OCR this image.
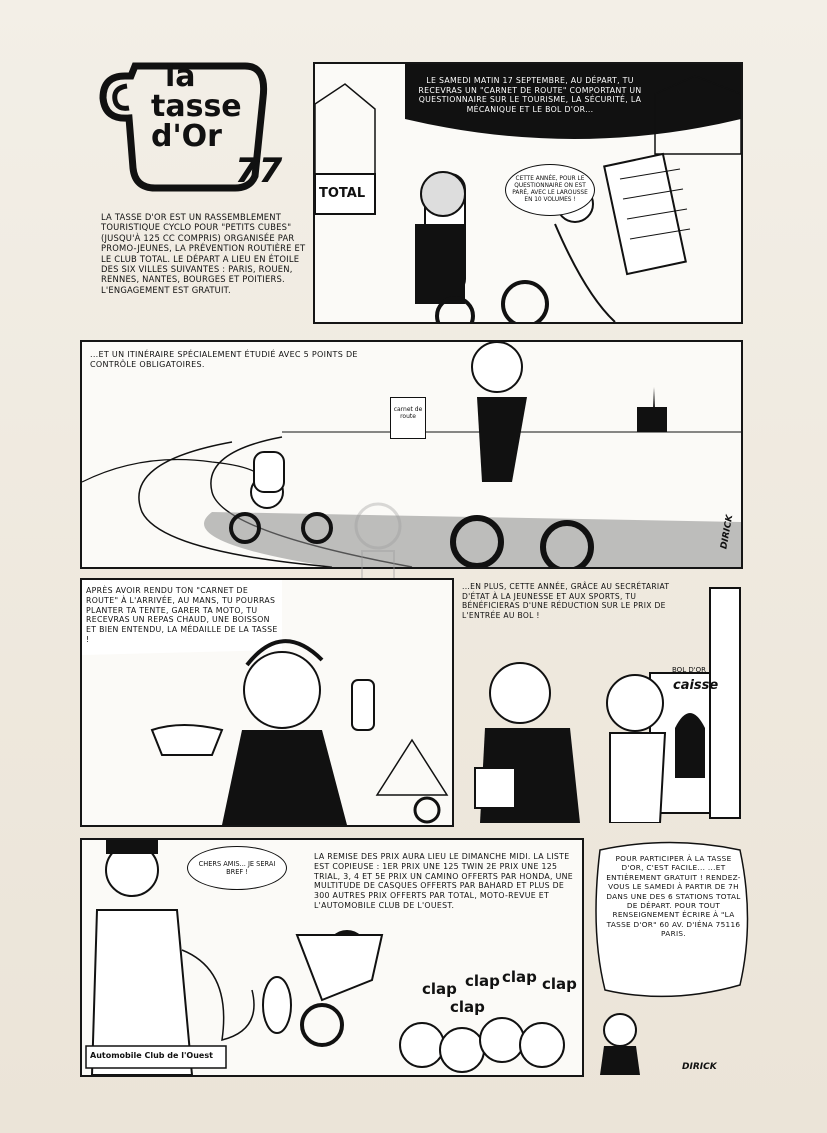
la
tasse
d'Or
77
LA TASSE D'OR EST UN RASSEMBLEMENT TOURISTIQUE CYCLO POUR "PETITS CUBES" (JUSQU'À 125 CC COMPRIS) ORGANISÉE PAR PROMO-JEUNES, LA PRÉVENTION ROUTIÈRE ET LE CLUB TOTAL. LE DÉPART A LIEU EN ÉTOILE DES SIX VILLES SUIVANTES : PARIS, ROUEN, RENNES, NANTES, BOURGES ET POITIERS. L'ENGAGEMENT EST GRATUIT.
LE SAMEDI MATIN 17 SEPTEMBRE, AU DÉPART, TU RECEVRAS UN "CARNET DE ROUTE" COMPORTANT UN QUESTIONNAIRE SUR LE TOURISME, LA SÉCURITÉ, LA MÉCANIQUE ET LE BOL D'OR...
CETTE ANNÉE, POUR LE QUESTIONNAIRE ON EST PARÉ, AVEC LE LAROUSSE EN 10 VOLUMES !
TOTAL
...ET UN ITINÉRAIRE SPÉCIALEMENT ÉTUDIÉ AVEC 5 POINTS DE CONTRÔLE OBLIGATOIRES.
carnet de route
DIRICK
APRÈS AVOIR RENDU TON "CARNET DE ROUTE" À L'ARRIVÉE, AU MANS, TU POURRAS PLANTER TA TENTE, GARER TA MOTO, TU RECEVRAS UN REPAS CHAUD, UNE BOISSON ET BIEN ENTENDU, LA MÉDAILLE DE LA TASSE !
...EN PLUS, CETTE ANNÉE, GRÂCE AU SECRÉTARIAT D'ÉTAT À LA JEUNESSE ET AUX SPORTS, TU BÉNÉFICIERAS D'UNE RÉDUCTION SUR LE PRIX DE L'ENTRÉE AU BOL !
BOL D'OR
caisse
CHERS AMIS... JE SERAI BREF !
LA REMISE DES PRIX AURA LIEU LE DIMANCHE MIDI. LA LISTE EST COPIEUSE : 1ER PRIX UNE 125 TWIN 2E PRIX UNE 125 TRIAL, 3, 4 ET 5E PRIX UN CAMINO OFFERTS PAR HONDA, UNE MULTITUDE DE CASQUES OFFERTS PAR BAHARD ET PLUS DE 300 AUTRES PRIX OFFERTS PAR TOTAL, MOTO-REVUE ET L'AUTOMOBILE CLUB DE L'OUEST.
Automobile Club de l'Ouest
clap
clap
clap clap clap
POUR PARTICIPER À LA TASSE D'OR, C'EST FACILE... ...ET ENTIÈREMENT GRATUIT ! RENDEZ-VOUS LE SAMEDI À PARTIR DE 7H DANS UNE DES 6 STATIONS TOTAL DE DÉPART. POUR TOUT RENSEIGNEMENT ÉCRIRE À "LA TASSE D'OR" 60 AV. D'IÉNA 75116 PARIS.
DIRICK
